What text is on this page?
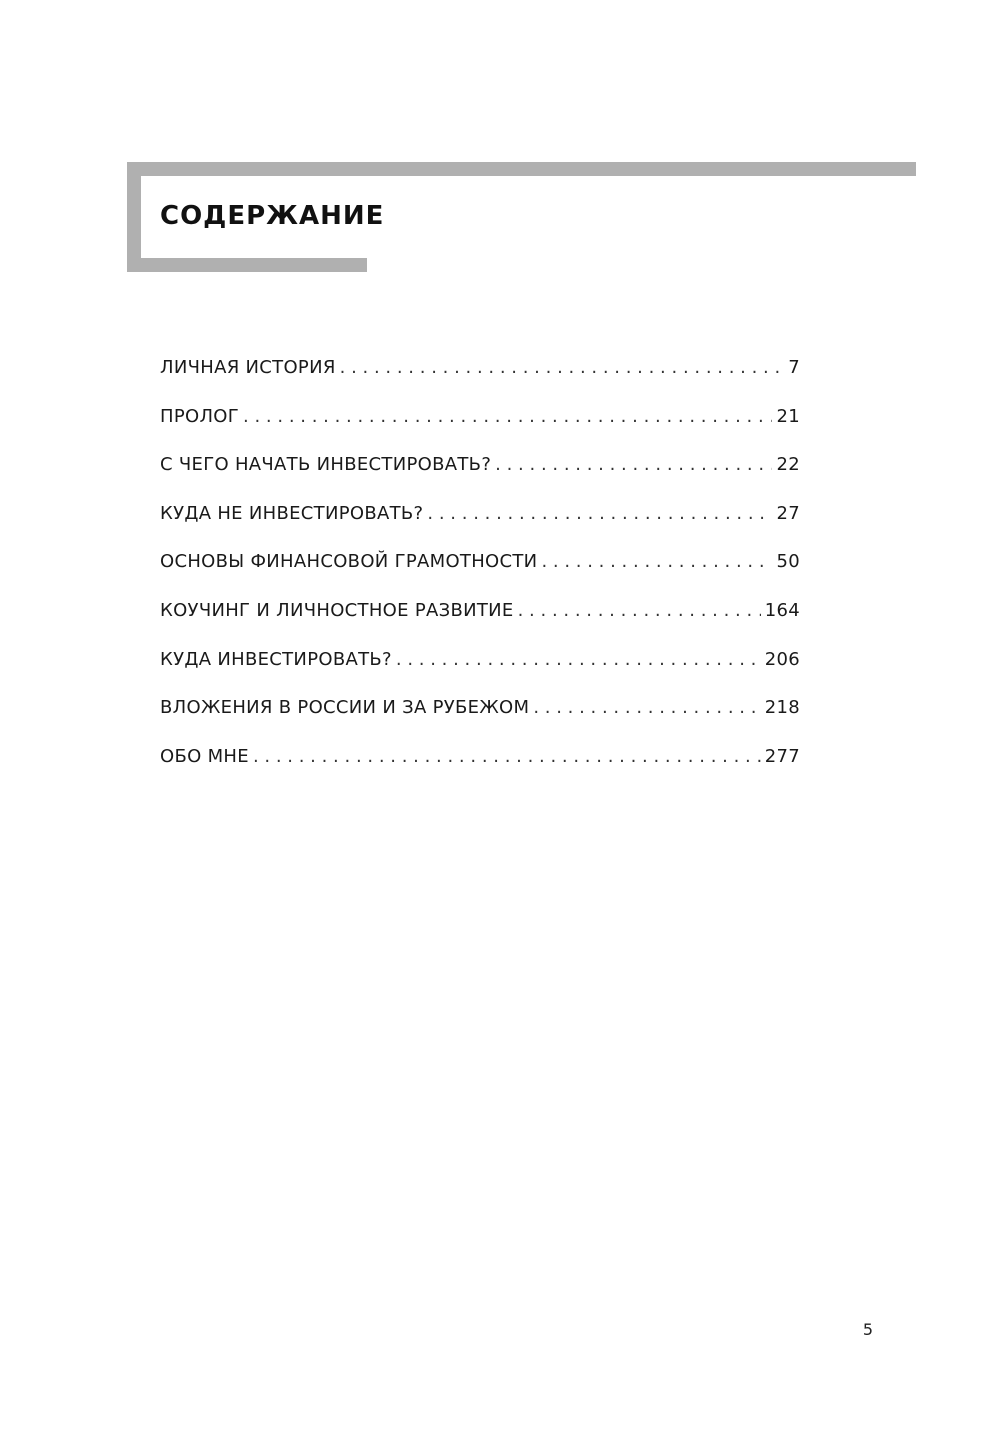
СОДЕРЖАНИЕ
ЛИЧНАЯ ИСТОРИЯ . . .	7
ПРОЛОГ . . .	21
С ЧЕГО НАЧАТЬ ИНВЕСТИРОВАТЬ? . . .	22
КУДА НЕ ИНВЕСТИРОВАТЬ? . . .	27
ОСНОВЫ ФИНАНСОВОЙ ГРАМОТНОСТИ . . .	50
КОУЧИНГ И ЛИЧНОСТНОЕ РАЗВИТИЕ . . .	164
КУДА ИНВЕСТИРОВАТЬ? . . .	206
ВЛОЖЕНИЯ В РОССИИ И ЗА РУБЕЖОМ . . .	218
ОБО МНЕ . . .	277
5
